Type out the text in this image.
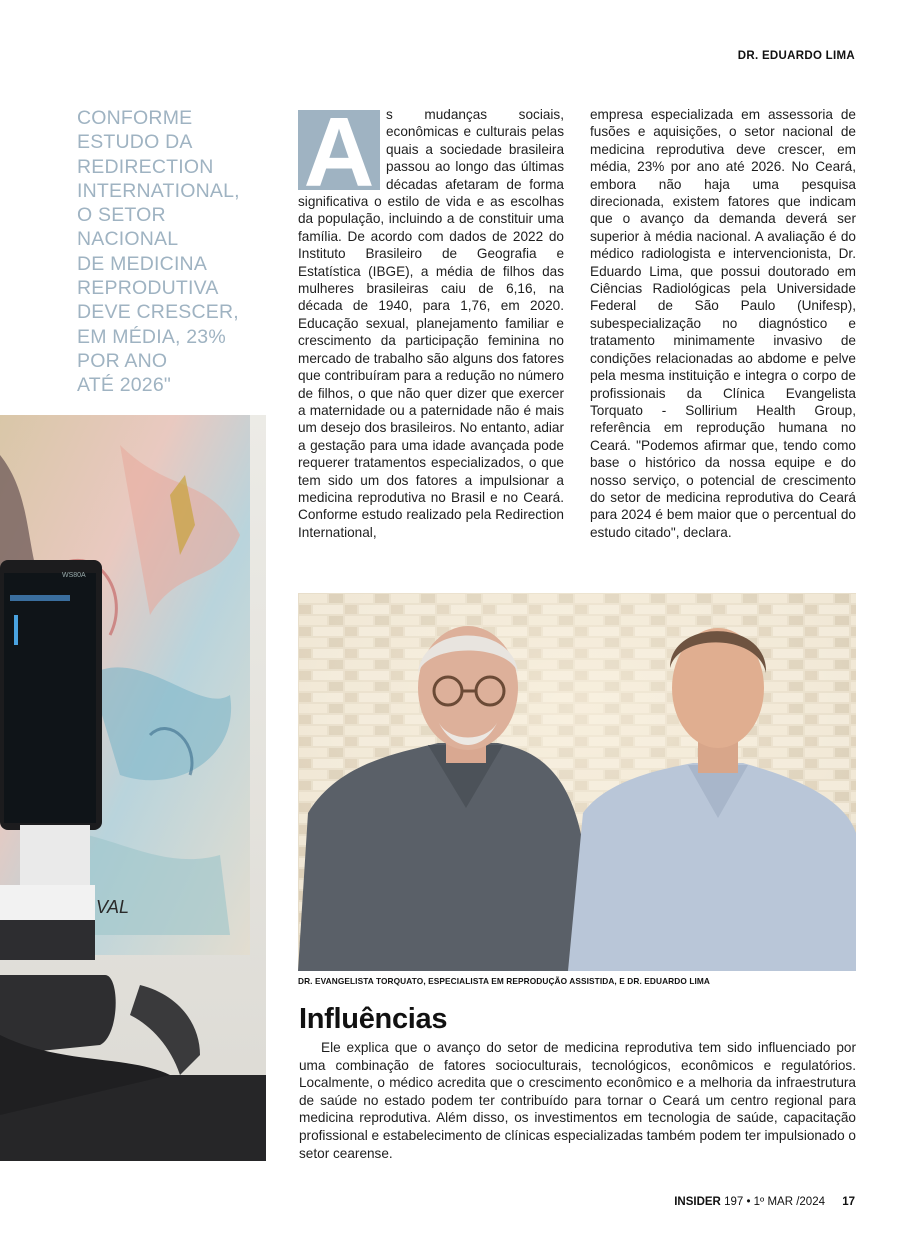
DR. EDUARDO LIMA
CONFORME
ESTUDO DA
REDIRECTION
INTERNATIONAL,
O SETOR
NACIONAL
DE MEDICINA
REPRODUTIVA
DEVE CRESCER,
EM MÉDIA, 23%
POR ANO
ATÉ 2026"
VAL
WS80A

A s mudanças sociais, econômicas e culturais pelas quais a sociedade brasileira passou ao longo das últimas décadas afetaram de forma significativa o estilo de vida e as escolhas da população, incluindo a de constituir uma família. De acordo com dados de 2022 do Instituto Brasileiro de Geografia e Estatística (IBGE), a média de filhos das mulheres brasileiras caiu de 6,16, na década de 1940, para 1,76, em 2020. Educação sexual, planejamento familiar e crescimento da participação feminina no mercado de trabalho são alguns dos fatores que contribuíram para a redução no número de filhos, o que não quer dizer que exercer a maternidade ou a paternidade não é mais um desejo dos brasileiros. No entanto, adiar a gestação para uma idade avançada pode requerer tratamentos especializados, o que tem sido um dos fatores a impulsionar a medicina reprodutiva no Brasil e no Ceará. Conforme estudo realizado pela Redirection International,

empresa especializada em assessoria de fusões e aquisições, o setor nacional de medicina reprodutiva deve crescer, em média, 23% por ano até 2026. No Ceará, embora não haja uma pesquisa direcionada, existem fatores que indicam que o avanço da demanda deverá ser superior à média nacional. A avaliação é do médico radiologista e intervencionista, Dr. Eduardo Lima, que possui doutorado em Ciências Radiológicas pela Universidade Federal de São Paulo (Unifesp), subespecialização no diagnóstico e tratamento minimamente invasivo de condições relacionadas ao abdome e pelve pela mesma instituição e integra o corpo de profissionais da Clínica Evangelista Torquato - Sollirium Health Group, referência em reprodução humana no Ceará. "Podemos afirmar que, tendo como base o histórico da nossa equipe e do nosso serviço, o potencial de crescimento do setor de medicina reprodutiva do Ceará para 2024 é bem maior que o percentual do estudo citado", declara.

DR. EVANGELISTA TORQUATO, ESPECIALISTA EM REPRODUÇÃO ASSISTIDA, E DR. EDUARDO LIMA
Influências

Ele explica que o avanço do setor de medicina reprodutiva tem sido influenciado por uma combinação de fatores socioculturais, tecnológicos, econômicos e regulatórios. Localmente, o médico acredita que o crescimento econômico e a melhoria da infraestrutura de saúde no estado podem ter contribuído para tornar o Ceará um centro regional para medicina reprodutiva. Além disso, os investimentos em tecnologia de saúde, capacitação profissional e estabelecimento de clínicas especializadas também podem ter impulsionado o setor cearense.

INSIDER 197 • 1º MAR /2024 17
